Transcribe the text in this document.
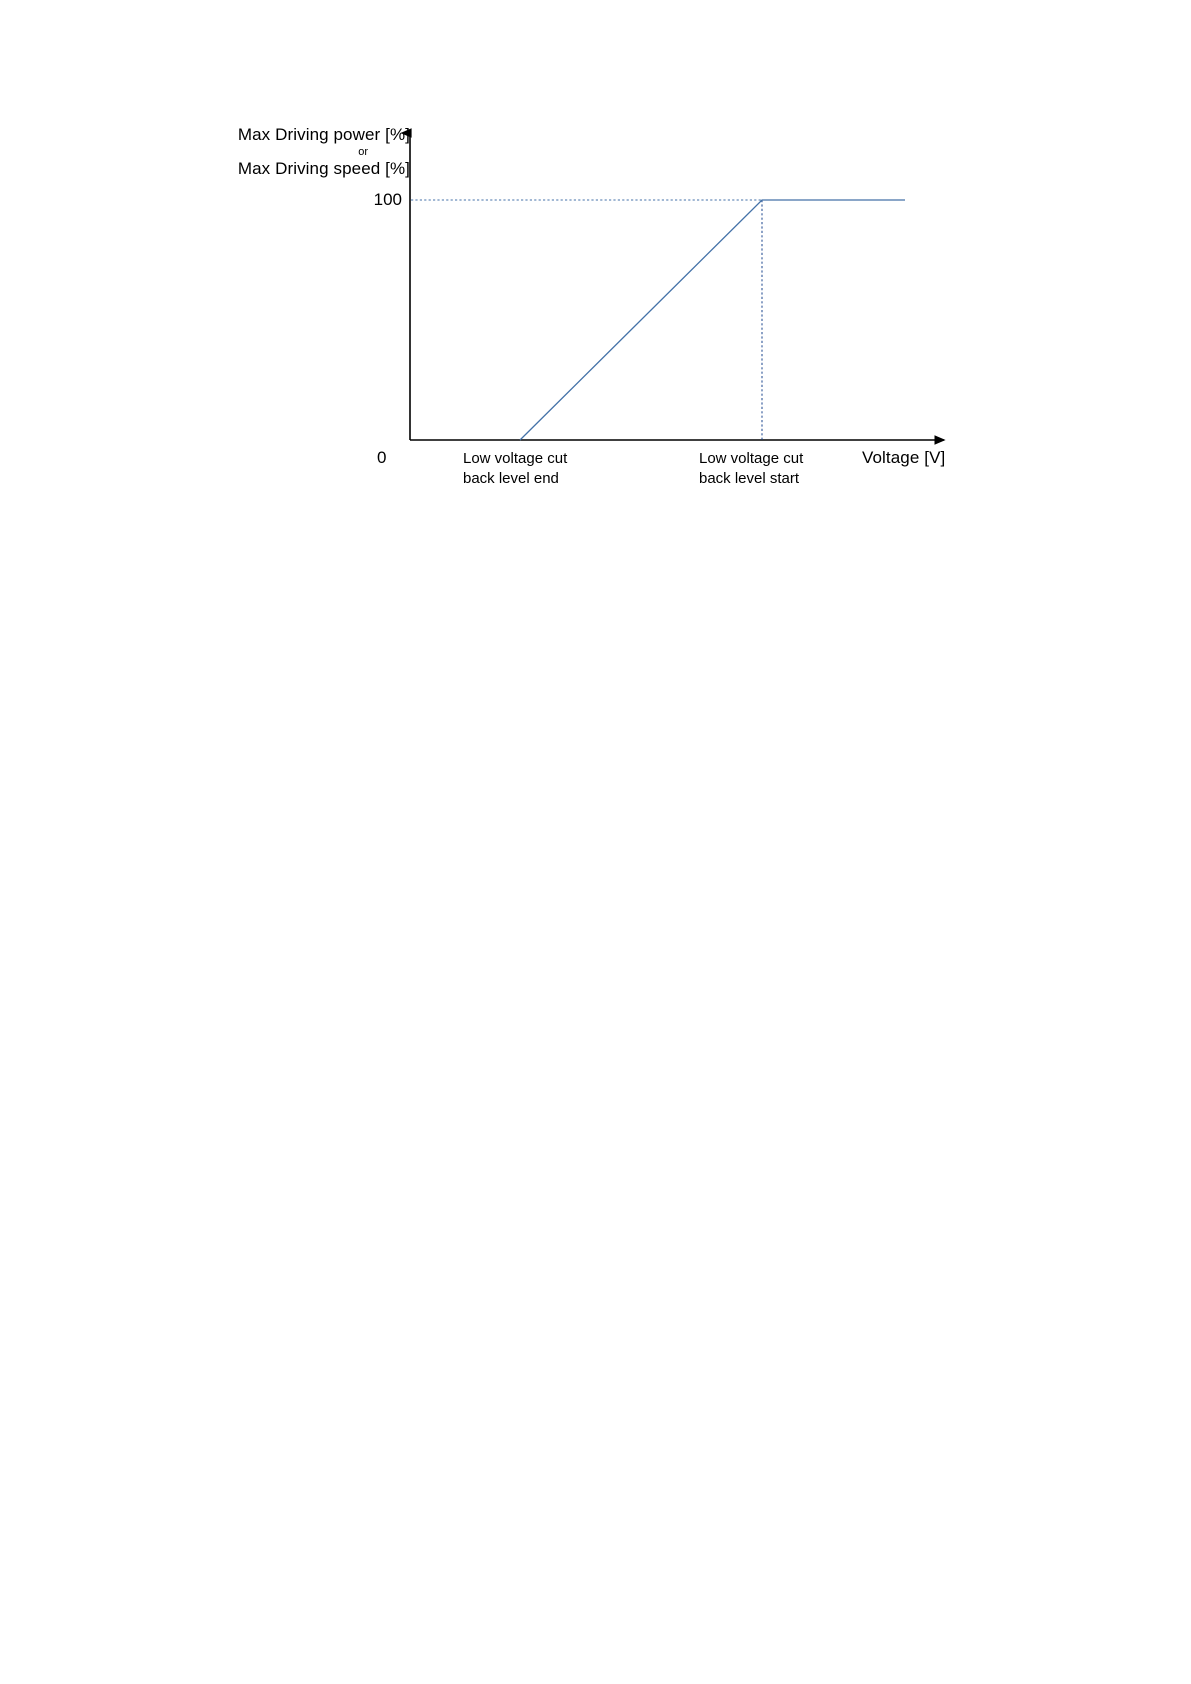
Max Driving power [%]
or
Max Driving speed [%]
100
0	Voltage [V]
Low voltage cut
back level end
Low voltage cut
back level start
